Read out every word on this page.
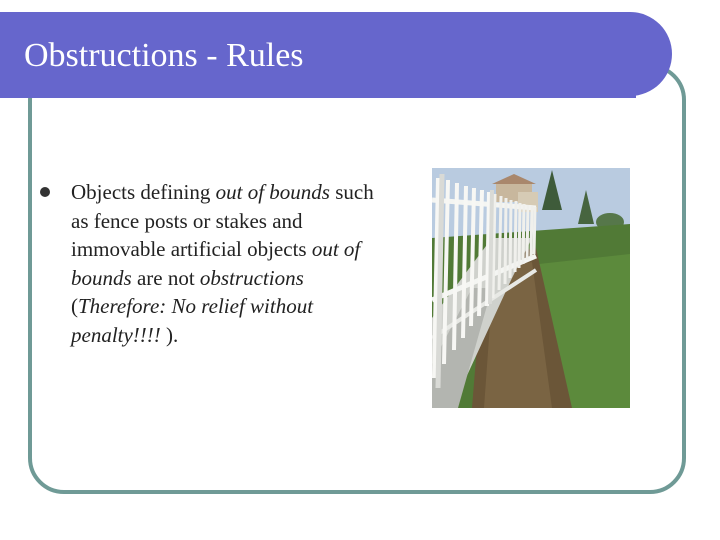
Obstructions - Rules
Objects defining out of bounds such as fence posts or stakes and immovable artificial objects out of bounds are not obstructions (Therefore: No relief without penalty!!!! ).
